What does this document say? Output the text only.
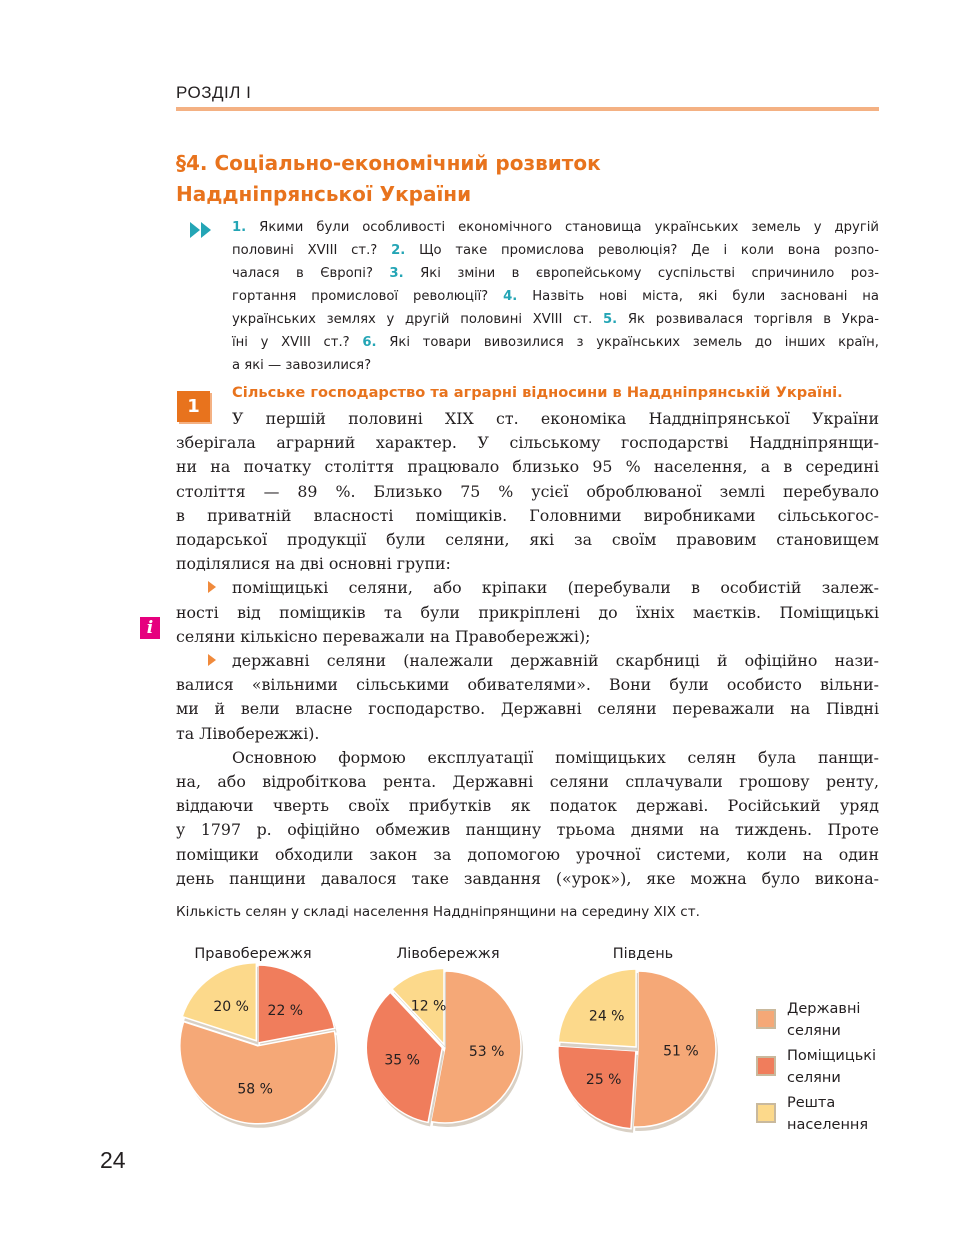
РОЗДІЛ I
§4. Соціально-економічний розвиток
Наддніпрянської України
1. Якими були особливості економічного становища українських земель у другій
половині XVIII ст.? 2. Що таке промислова революція? Де і коли вона розпо-
чалася в Європі? 3. Які зміни в європейському суспільстві спричинило роз-
гортання промислової революції? 4. Назвіть нові міста, які були засновані на
українських землях у другій половині XVIII ст. 5. Як розвивалася торгівля в Укра-
їні у XVIII ст.? 6. Які товари вивозилися з українських земель до інших країн,
а які — завозилися?
1
Сільське господарство та аграрні відносини в Наддніпрянській Україні.
i
У першій половині XIX ст. економіка Наддніпрянської України
зберігала аграрний характер. У сільському господарстві Наддніпрянщи-
ни на початку століття працювало близько 95 % населення, а в середині
століття — 89 %. Близько 75 % усієї оброблюваної землі перебувало
в приватній власності поміщиків. Головними виробниками сільськогос-
подарської продукції були селяни, які за своїм правовим становищем
поділялися на дві основні групи:
поміщицькі селяни, або кріпаки (перебували в особистій залеж-
ності від поміщиків та були прикріплені до їхніх маєтків. Поміщицькі
селяни кількісно переважали на Правобережжі);
державні селяни (належали державній скарбниці й офіційно нази-
валися «вільними сільськими обивателями». Вони були особисто вільни-
ми й вели власне господарство. Державні селяни переважали на Півдні
та Лівобережжі).
Основною формою експлуатації поміщицьких селян була панщи-
на, або відробіткова рента. Державні селяни сплачували грошову ренту,
віддаючи чверть своїх прибутків як податок державі. Російський уряд
у 1797 р. офіційно обмежив панщину трьома днями на тиждень. Проте
поміщики обходили закон за допомогою урочної системи, коли на один
день панщини давалося таке завдання («урок»), яке можна було викона-
Кількість селян у складі населення Наддніпрянщини на середину XIX ст.
Правобережжя
22 %
58 %
20 %
Лівобережжя
53 %
35 %
12 %
Південь
51 %
25 %
24 %	Державні
селяни
Поміщицькі
селяни
Решта
населення
24
